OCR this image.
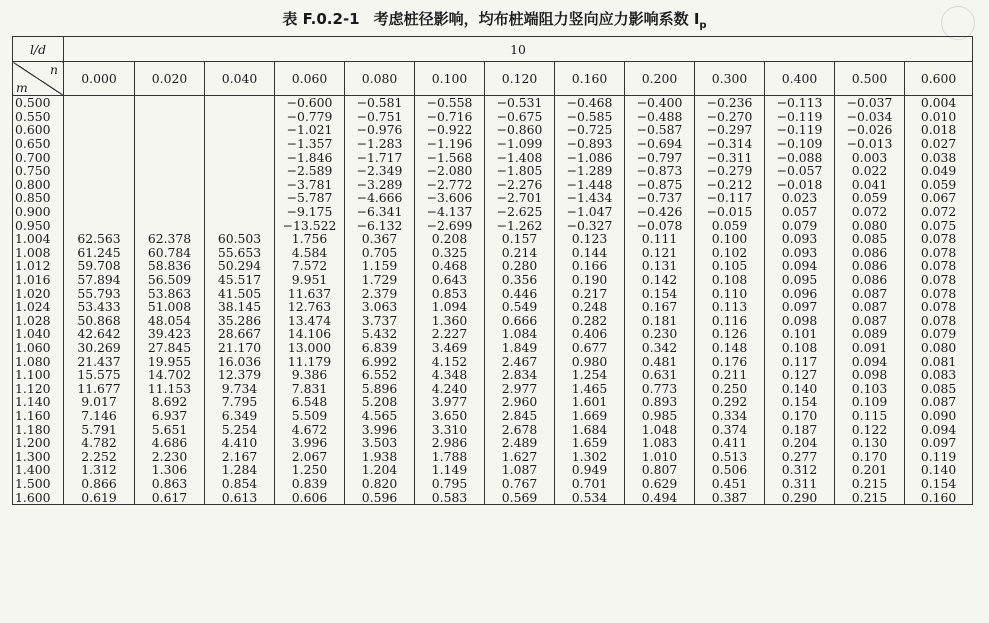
表 F.0.2-1 考虑桩径影响，均布桩端阻力竖向应力影响系数 $I_p$
l/d	10												

n
m	0.000	0.020	0.040	0.060	0.080	0.100	0.120	0.160	0.200	0.300	0.400	0.500	0.600
0.500				−0.600	−0.581	−0.558	−0.531	−0.468	−0.400	−0.236	−0.113	−0.037	0.004
0.550				−0.779	−0.751	−0.716	−0.675	−0.585	−0.488	−0.270	−0.119	−0.034	0.010
0.600				−1.021	−0.976	−0.922	−0.860	−0.725	−0.587	−0.297	−0.119	−0.026	0.018
0.650				−1.357	−1.283	−1.196	−1.099	−0.893	−0.694	−0.314	−0.109	−0.013	0.027
0.700				−1.846	−1.717	−1.568	−1.408	−1.086	−0.797	−0.311	−0.088	0.003	0.038
0.750				−2.589	−2.349	−2.080	−1.805	−1.289	−0.873	−0.279	−0.057	0.022	0.049
0.800				−3.781	−3.289	−2.772	−2.276	−1.448	−0.875	−0.212	−0.018	0.041	0.059
0.850				−5.787	−4.666	−3.606	−2.701	−1.434	−0.737	−0.117	0.023	0.059	0.067
0.900				−9.175	−6.341	−4.137	−2.625	−1.047	−0.426	−0.015	0.057	0.072	0.072
0.950				−13.522	−6.132	−2.699	−1.262	−0.327	−0.078	0.059	0.079	0.080	0.075
1.004	62.563	62.378	60.503	1.756	0.367	0.208	0.157	0.123	0.111	0.100	0.093	0.085	0.078
1.008	61.245	60.784	55.653	4.584	0.705	0.325	0.214	0.144	0.121	0.102	0.093	0.086	0.078
1.012	59.708	58.836	50.294	7.572	1.159	0.468	0.280	0.166	0.131	0.105	0.094	0.086	0.078
1.016	57.894	56.509	45.517	9.951	1.729	0.643	0.356	0.190	0.142	0.108	0.095	0.086	0.078
1.020	55.793	53.863	41.505	11.637	2.379	0.853	0.446	0.217	0.154	0.110	0.096	0.087	0.078
1.024	53.433	51.008	38.145	12.763	3.063	1.094	0.549	0.248	0.167	0.113	0.097	0.087	0.078
1.028	50.868	48.054	35.286	13.474	3.737	1.360	0.666	0.282	0.181	0.116	0.098	0.087	0.078
1.040	42.642	39.423	28.667	14.106	5.432	2.227	1.084	0.406	0.230	0.126	0.101	0.089	0.079
1.060	30.269	27.845	21.170	13.000	6.839	3.469	1.849	0.677	0.342	0.148	0.108	0.091	0.080
1.080	21.437	19.955	16.036	11.179	6.992	4.152	2.467	0.980	0.481	0.176	0.117	0.094	0.081
1.100	15.575	14.702	12.379	9.386	6.552	4.348	2.834	1.254	0.631	0.211	0.127	0.098	0.083
1.120	11.677	11.153	9.734	7.831	5.896	4.240	2.977	1.465	0.773	0.250	0.140	0.103	0.085
1.140	9.017	8.692	7.795	6.548	5.208	3.977	2.960	1.601	0.893	0.292	0.154	0.109	0.087
1.160	7.146	6.937	6.349	5.509	4.565	3.650	2.845	1.669	0.985	0.334	0.170	0.115	0.090
1.180	5.791	5.651	5.254	4.672	3.996	3.310	2.678	1.684	1.048	0.374	0.187	0.122	0.094
1.200	4.782	4.686	4.410	3.996	3.503	2.986	2.489	1.659	1.083	0.411	0.204	0.130	0.097
1.300	2.252	2.230	2.167	2.067	1.938	1.788	1.627	1.302	1.010	0.513	0.277	0.170	0.119
1.400	1.312	1.306	1.284	1.250	1.204	1.149	1.087	0.949	0.807	0.506	0.312	0.201	0.140
1.500	0.866	0.863	0.854	0.839	0.820	0.795	0.767	0.701	0.629	0.451	0.311	0.215	0.154
1.600	0.619	0.617	0.613	0.606	0.596	0.583	0.569	0.534	0.494	0.387	0.290	0.215	0.160
